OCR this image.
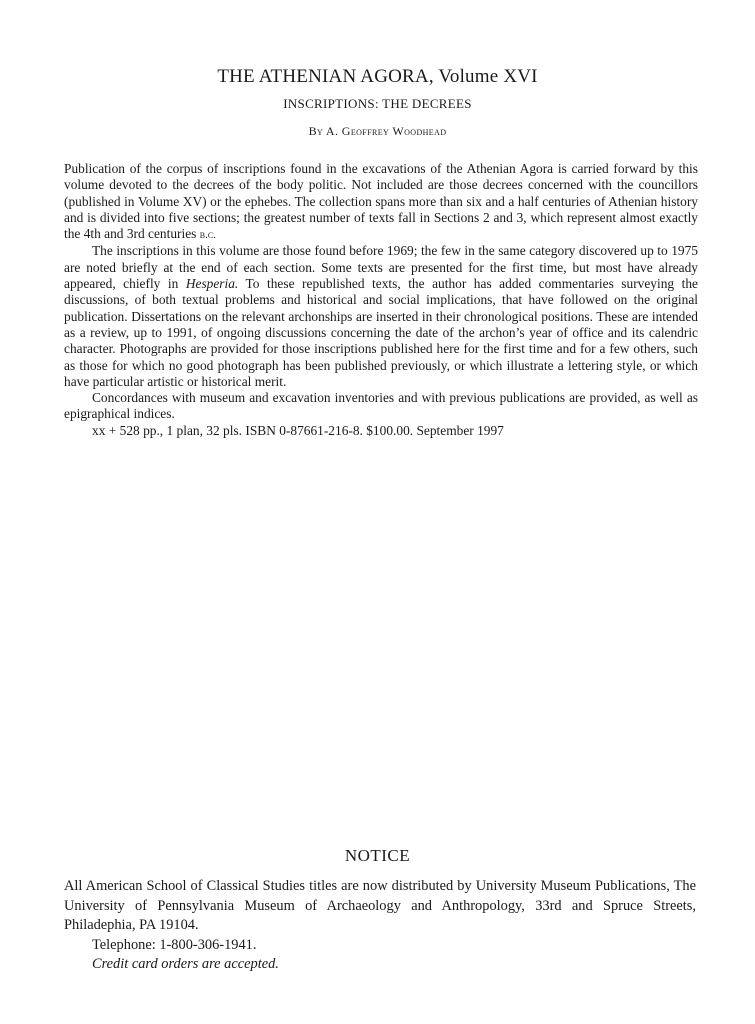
THE ATHENIAN AGORA, Volume XVI
INSCRIPTIONS: THE DECREES
By A. Geoffrey Woodhead

Publication of the corpus of inscriptions found in the excavations of the Athenian Agora is carried forward by this volume devoted to the decrees of the body politic. Not included are those decrees concerned with the councillors (published in Volume XV) or the ephebes. The collection spans more than six and a half centuries of Athenian history and is divided into five sections; the greatest number of texts fall in Sections 2 and 3, which represent almost exactly the 4th and 3rd centuries b.c.

The inscriptions in this volume are those found before 1969; the few in the same category discovered up to 1975 are noted briefly at the end of each section. Some texts are presented for the first time, but most have already appeared, chiefly in Hesperia. To these republished texts, the author has added commentaries surveying the discussions, of both textual problems and historical and social implications, that have followed on the original publication. Dissertations on the relevant archonships are inserted in their chronological positions. These are intended as a review, up to 1991, of ongoing discussions concerning the date of the archon’s year of office and its calendric character. Photographs are provided for those inscriptions published here for the first time and for a few others, such as those for which no good photograph has been published previously, or which illustrate a lettering style, or which have particular artistic or historical merit.

Concordances with museum and excavation inventories and with previous publications are provided, as well as epigraphical indices.

xx + 528 pp., 1 plan, 32 pls. ISBN 0-87661-216-8. $100.00. September 1997

NOTICE

All American School of Classical Studies titles are now distributed by University Museum Publications, The University of Pennsylvania Museum of Archaeology and Anthropology, 33rd and Spruce Streets, Philadephia, PA 19104.

Telephone: 1-800-306-1941.

Credit card orders are accepted.
